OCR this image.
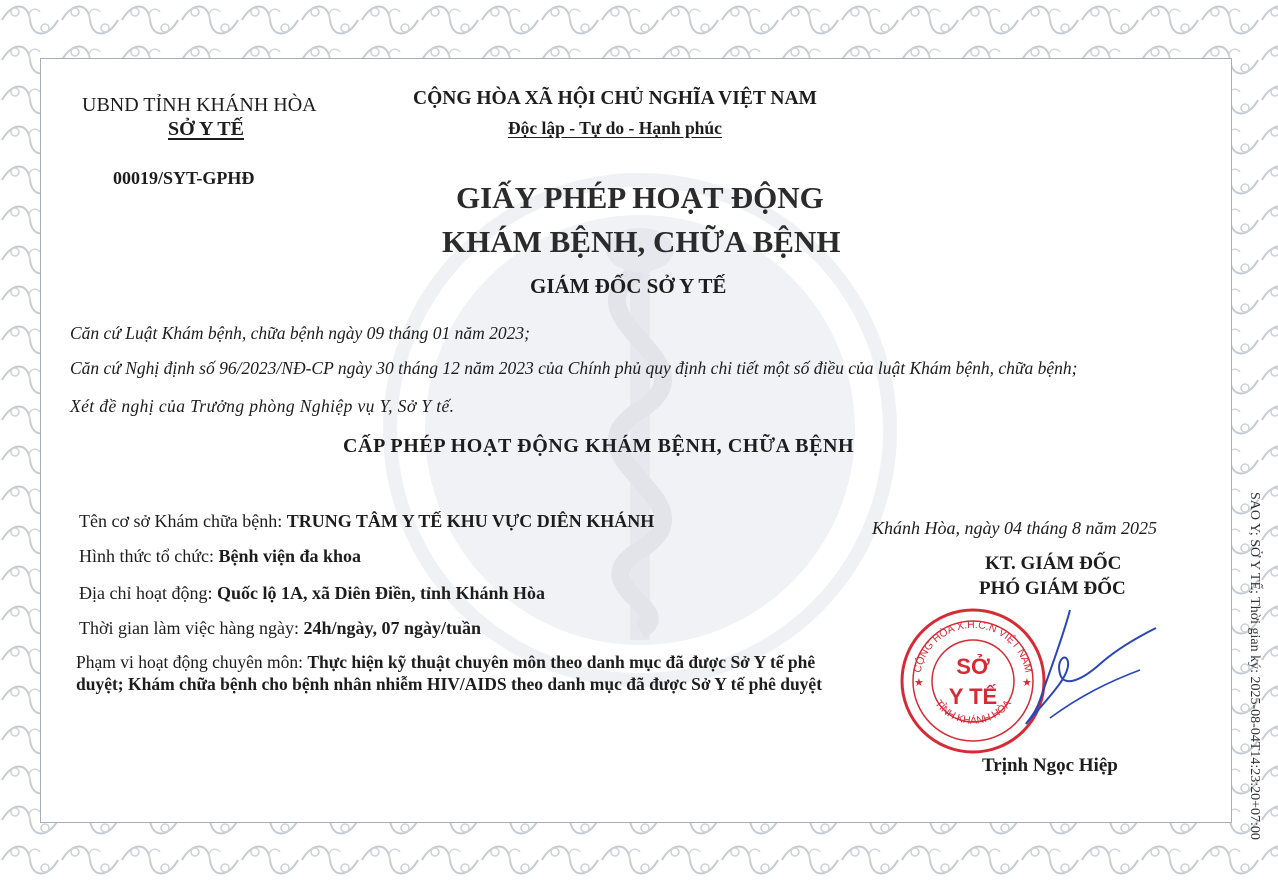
UBND TỈNH KHÁNH HÒA
SỞ Y TẾ
00019/SYT-GPHĐ
CỘNG HÒA XÃ HỘI CHỦ NGHĨA VIỆT NAM
Độc lập - Tự do - Hạnh phúc
GIẤY PHÉP HOẠT ĐỘNG
KHÁM BỆNH, CHỮA BỆNH
GIÁM ĐỐC SỞ Y TẾ
Căn cứ Luật Khám bệnh, chữa bệnh ngày 09 tháng 01 năm 2023;
Căn cứ Nghị định số 96/2023/NĐ-CP ngày 30 tháng 12 năm 2023 của Chính phủ quy định chi tiết một số điều của luật Khám bệnh, chữa bệnh;
Xét đề nghị của Trưởng phòng Nghiệp vụ Y, Sở Y tế.
CẤP PHÉP HOẠT ĐỘNG KHÁM BỆNH, CHỮA BỆNH
Tên cơ sở Khám chữa bệnh: TRUNG TÂM Y TẾ KHU VỰC DIÊN KHÁNH
Hình thức tổ chức: Bệnh viện đa khoa
Địa chỉ hoạt động: Quốc lộ 1A, xã Diên Điền, tỉnh Khánh Hòa
Thời gian làm việc hàng ngày: 24h/ngày, 07 ngày/tuần
Phạm vi hoạt động chuyên môn: Thực hiện kỹ thuật chuyên môn theo danh mục đã được Sở Y tế phê duyệt; Khám chữa bệnh cho bệnh nhân nhiễm HIV/AIDS theo danh mục đã được Sở Y tế phê duyệt
Khánh Hòa, ngày 04 tháng 8 năm 2025
KT. GIÁM ĐỐC
PHÓ GIÁM ĐỐC
CỘNG HÒA X.H.C.N VIỆT NAM
TỈNH KHÁNH HÒA
SỞ
Y TẾ
★	★
Trịnh Ngọc Hiệp	SAO Y; SỞ Y TẾ; Thời gian ký: 2025-08-04T14:23:20+07:00
